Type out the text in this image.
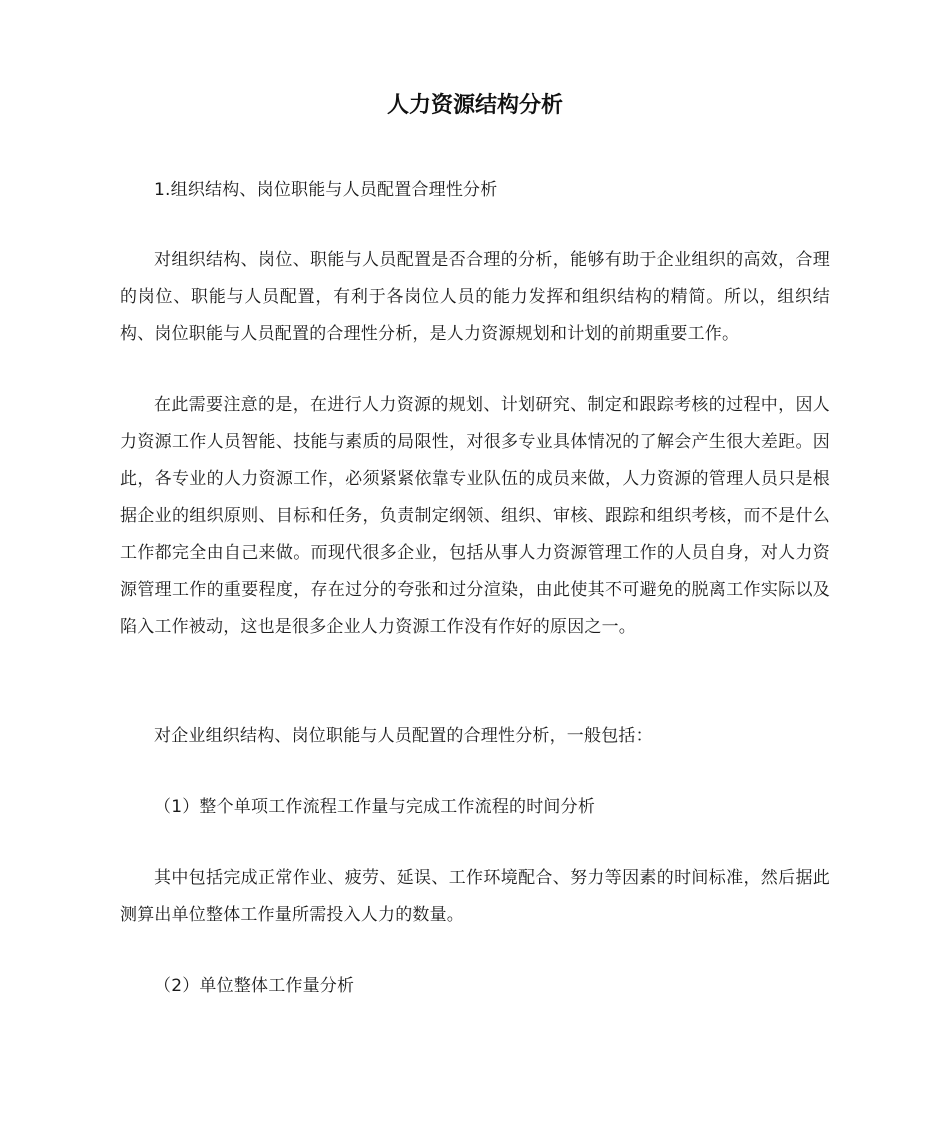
人力资源结构分析

1.组织结构、岗位职能与人员配置合理性分析

对组织结构、岗位、职能与人员配置是否合理的分析，能够有助于企业组织的高效，合理的岗位、职能与人员配置，有利于各岗位人员的能力发挥和组织结构的精简。所以，组织结构、岗位职能与人员配置的合理性分析，是人力资源规划和计划的前期重要工作。

在此需要注意的是，在进行人力资源的规划、计划研究、制定和跟踪考核的过程中，因人力资源工作人员智能、技能与素质的局限性，对很多专业具体情况的了解会产生很大差距。因此，各专业的人力资源工作，必须紧紧依靠专业队伍的成员来做，人力资源的管理人员只是根据企业的组织原则、目标和任务，负责制定纲领、组织、审核、跟踪和组织考核，而不是什么工作都完全由自己来做。而现代很多企业，包括从事人力资源管理工作的人员自身，对人力资源管理工作的重要程度，存在过分的夸张和过分渲染，由此使其不可避免的脱离工作实际以及陷入工作被动，这也是很多企业人力资源工作没有作好的原因之一。

对企业组织结构、岗位职能与人员配置的合理性分析，一般包括：

（1）整个单项工作流程工作量与完成工作流程的时间分析

其中包括完成正常作业、疲劳、延误、工作环境配合、努力等因素的时间标准，然后据此测算出单位整体工作量所需投入人力的数量。

（2）单位整体工作量分析
